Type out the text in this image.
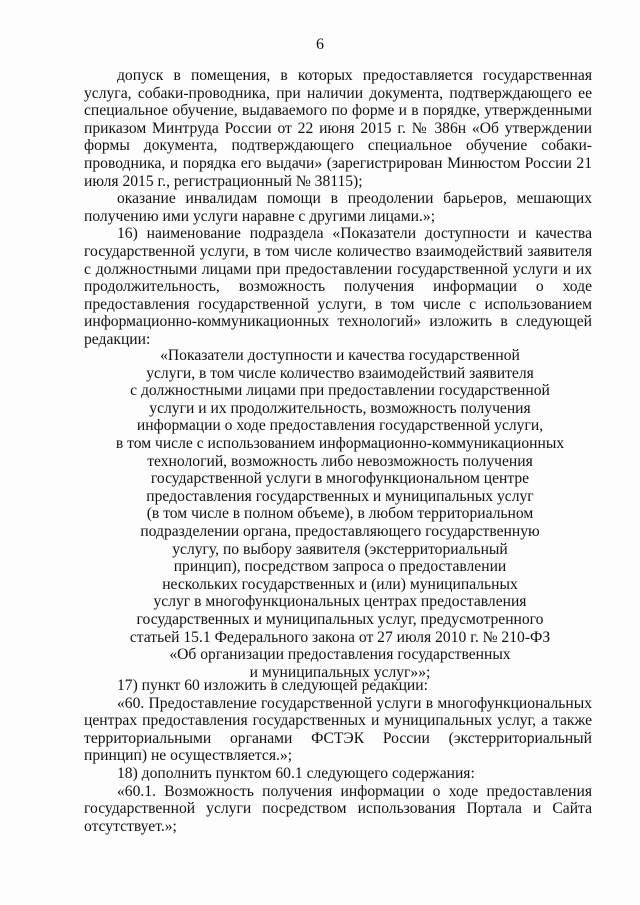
6

допуск в помещения, в которых предоставляется государственная услуга, собаки-проводника, при наличии документа, подтверждающего ее специальное обучение, выдаваемого по форме и в порядке, утвержденными приказом Минтруда России от 22 июня 2015 г. № 386н «Об утверждении формы документа, подтверждающего специальное обучение собаки-проводника, и порядка его выдачи» (зарегистрирован Минюстом России 21 июля 2015 г., регистрационный № 38115);

оказание инвалидам помощи в преодолении барьеров, мешающих получению ими услуги наравне с другими лицами.»;

16) наименование подраздела «Показатели доступности и качества государственной услуги, в том числе количество взаимодействий заявителя с должностными лицами при предоставлении государственной услуги и их продолжительность, возможность получения информации о ходе предоставления государственной услуги, в том числе с использованием информационно-коммуникационных технологий» изложить в следующей редакции:

«Показатели доступности и качества государственной
услуги, в том числе количество взаимодействий заявителя
с должностными лицами при предоставлении государственной
услуги и их продолжительность, возможность получения
информации о ходе предоставления государственной услуги,
в том числе с использованием информационно-коммуникационных
технологий, возможность либо невозможность получения
государственной услуги в многофункциональном центре
предоставления государственных и муниципальных услуг
(в том числе в полном объеме), в любом территориальном
подразделении органа, предоставляющего государственную
услугу, по выбору заявителя (экстерриториальный
принцип), посредством запроса о предоставлении
нескольких государственных и (или) муниципальных
услуг в многофункциональных центрах предоставления
государственных и муниципальных услуг, предусмотренного
статьей 15.1 Федерального закона от 27 июля 2010 г. № 210-ФЗ
«Об организации предоставления государственных
и муниципальных услуг»»;

17) пункт 60 изложить в следующей редакции:

«60. Предоставление государственной услуги в многофункциональных центрах предоставления государственных и муниципальных услуг, а также территориальными органами ФСТЭК России (экстерриториальный принцип) не осуществляется.»;

18) дополнить пунктом 60.1 следующего содержания:

«60.1. Возможность получения информации о ходе предоставления государственной услуги посредством использования Портала и Сайта отсутствует.»;
